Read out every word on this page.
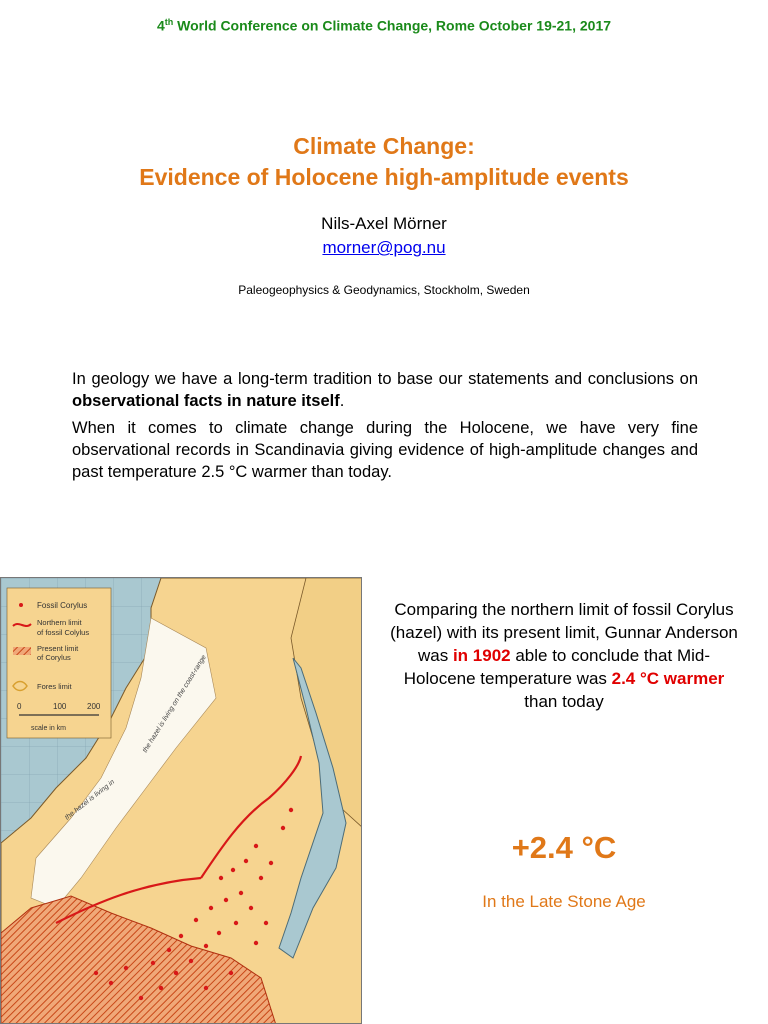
4th World Conference on Climate Change, Rome October 19-21, 2017
Climate Change:
Evidence of Holocene high-amplitude events
Nils-Axel Mörner
morner@pog.nu
Paleogeophysics & Geodynamics, Stockholm, Sweden

In geology we have a long-term tradition to base our statements and conclusions on observational facts in nature itself.

When it comes to climate change during the Holocene, we have very fine observational records in Scandinavia giving evidence of high-amplitude changes and past temperature 2.5 °C warmer than today.

Fossil Corylus
Northern limit
of fossil Colylus
Present limit
of Corylus
Fores limit
0	100	200
scale in km	the hazel is living on the coast-range
the hazel is living in
Comparing the northern limit of fossil Corylus (hazel) with its present limit, Gunnar Anderson was in 1902 able to conclude that Mid-Holocene temperature was 2.4 °C warmer than today
+2.4 °C
In the Late Stone Age
